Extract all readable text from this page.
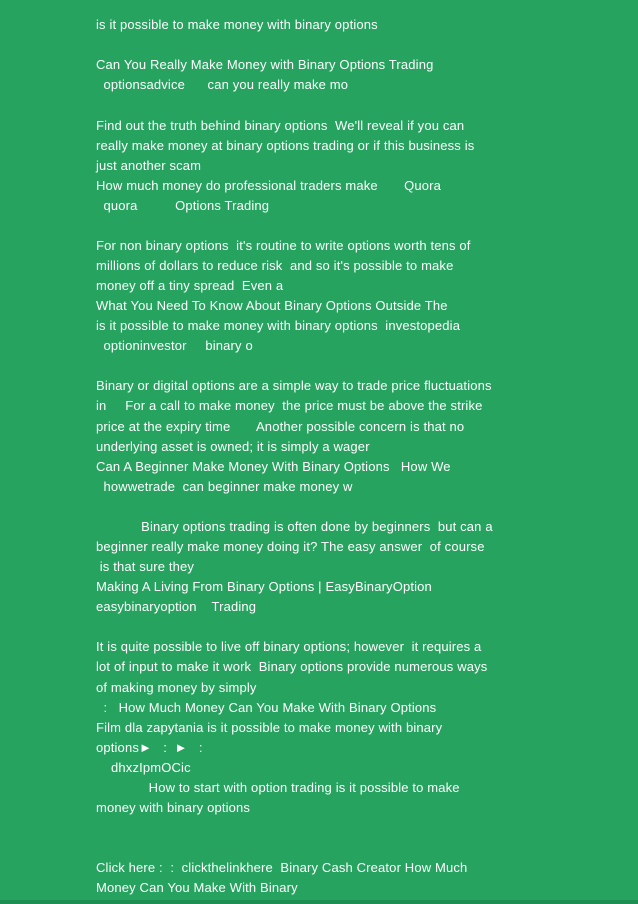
is it possible to make money with binary options
Can You Really Make Money with Binary Options Trading
optionsadvice      can you really make mo
Find out the truth behind binary options  We'll reveal if you can
really make money at binary options trading or if this business is
just another scam
How much money do professional traders make       Quora
quora          Options Trading
For non binary options  it's routine to write options worth tens of
millions of dollars to reduce risk  and so it's possible to make
money off a tiny spread  Even a
What You Need To Know About Binary Options Outside The
is it possible to make money with binary options  investopedia
optioninvestor     binary o
Binary or digital options are a simple way to trade price fluctuations
in     For a call to make money  the price must be above the strike
price at the expiry time       Another possible concern is that no
underlying asset is owned; it is simply a wager
Can A Beginner Make Money With Binary Options   How We
howwetrade  can beginner make money w
Binary options trading is often done by beginners  but can a
beginner really make money doing it? The easy answer  of course
is that sure they
Making A Living From Binary Options | EasyBinaryOption
easybinaryoption    Trading
It is quite possible to live off binary options; however  it requires a
lot of input to make it work  Binary options provide numerous ways
of making money by simply
:   How Much Money Can You Make With Binary Options
Film dla zapytania is it possible to make money with binary
options►   :  ►   :
dhxzIpmOCic
How to start with option trading is it possible to make
money with binary options
Click here :  :  clickthelinkhere  Binary Cash Creator How Much
Money Can You Make With Binary
